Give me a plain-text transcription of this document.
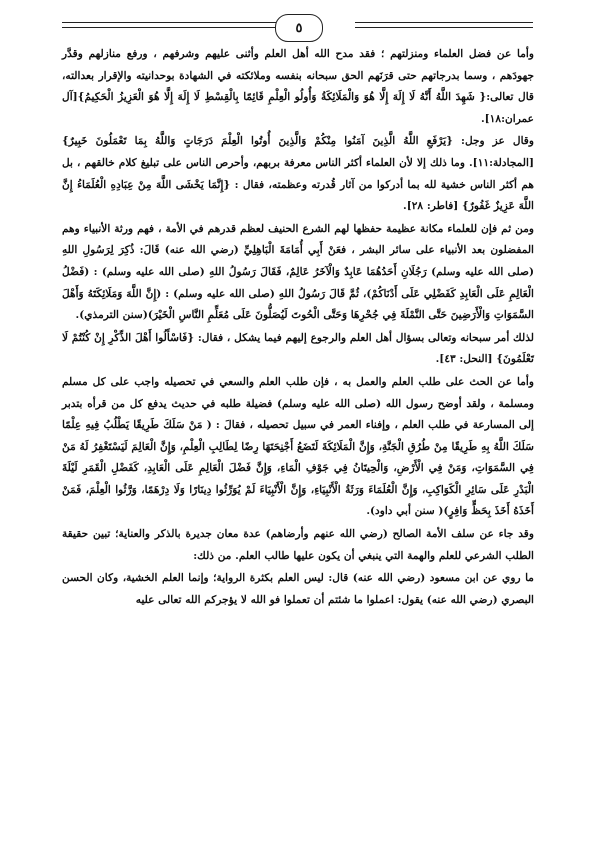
٥

وأما عن فضل العلماء ومنزلتهم ؛ فقد مدح الله أهل العلم وأثنى عليهم وشرفهم ، ورفع منازلهم وقدَّر جهودَهم ، وسما بدرجاتهم حتى قرَنَهم الحق سبحانه بنفسه وملائكته في الشهادة بوحدانيته والإقرار بعدالته، قال تعالى:{ شَهِدَ اللَّهُ أَنَّهُ لَا إِلَهَ إِلَّا هُوَ وَالْمَلَائِكَةُ وَأُولُو الْعِلْمِ قَائِمًا بِالْقِسْطِ لَا إِلَهَ إِلَّا هُوَ الْعَزِيزُ الْحَكِيمُ}[آل عمران:١٨].

وقال عز وجل: {يَرْفَعِ اللَّهُ الَّذِينَ آمَنُوا مِنْكُمْ وَالَّذِينَ أُوتُوا الْعِلْمَ دَرَجَاتٍ وَاللَّهُ بِمَا تَعْمَلُونَ خَبِيرٌ} [المجادلة:١١]. وما ذلك إلا لأن العلماء أكثر الناس معرفة بربهم، وأحرص الناس على تبليغ كلام خالقهم ، بل هم أكثر الناس خشية لله بما أدركوا من آثار قُدرته وعظمته، فقال : {إِنَّمَا يَخْشَى اللَّهَ مِنْ عِبَادِهِ الْعُلَمَاءُ إِنَّ اللَّهَ عَزِيزٌ غَفُورٌ} [فاطر: ٢٨].

ومن ثم فإن للعلماء مكانة عظيمة حفظها لهم الشرع الحنيف لعظم قدرهم في الأمة ، فهم ورثة الأنبياء وهم المفضلون بعد الأنبياء على سائر البشر ، فعَنْ أَبِي أُمَامَةَ الْبَاهِلِيِّ (رضي الله عنه) قَالَ: ذُكِرَ لِرَسُولِ اللهِ (صلى الله عليه وسلم) رَجُلَانِ أَحَدُهُمَا عَابِدٌ وَالْآخَرُ عَالِمٌ، فَقَالَ رَسُولُ اللهِ (صلى الله عليه وسلم) : (فَضْلُ الْعَالِمِ عَلَى الْعَابِدِ كَفَضْلِي عَلَى أَدْنَاكُمْ)، ثُمَّ قَالَ رَسُولُ اللهِ (صلى الله عليه وسلم) : (إِنَّ اللَّهَ وَمَلَائِكَتَهُ وَأَهْلَ السَّمَوَاتِ وَالْأَرَضِينَ حَتَّى النَّمْلَةَ فِي جُحْرِهَا وَحَتَّى الْحُوتَ لَيُصَلُّونَ عَلَى مُعَلِّمِ النَّاسِ الْخَيْرَ)(سنن الترمذي).

لذلك أمر سبحانه وتعالى بسؤال أهل العلم والرجوع إليهم فيما يشكل ، فقال: {فَاسْأَلُوا أَهْلَ الذِّكْرِ إِنْ كُنْتُمْ لَا تَعْلَمُونَ} [النحل: ٤٣].

وأما عن الحث على طلب العلم والعمل به ، فإن طلب العلم والسعي في تحصيله واجب على كل مسلم ومسلمة ، ولقد أوضح رسول الله (صلى الله عليه وسلم) فضيلة طلبه في حديث يدفع كل من قرأه بتدبر إلى المسارعة في طلب العلم ، وإفناء العمر في سبيل تحصيله ، فقالَ : ( مَنْ سَلَكَ طَرِيقًا يَطْلُبُ فِيهِ عِلْمًا سَلَكَ اللَّهُ بِهِ طَرِيقًا مِنْ طُرُقِ الْجَنَّةِ، وَإِنَّ الْمَلَائِكَةَ لَتَضَعُ أَجْنِحَتَهَا رِضًا لِطَالِبِ الْعِلْمِ، وَإِنَّ الْعَالِمَ لَيَسْتَغْفِرُ لَهُ مَنْ فِي السَّمَوَاتِ، وَمَنْ فِي الْأَرْضِ، وَالْحِيتَانُ فِي جَوْفِ الْمَاءِ، وَإِنَّ فَضْلَ الْعَالِمِ عَلَى الْعَابِدِ، كَفَضْلِ الْقَمَرِ لَيْلَةَ الْبَدْرِ عَلَى سَائِرِ الْكَوَاكِبِ، وَإِنَّ الْعُلَمَاءَ وَرَثَةُ الْأَنْبِيَاءِ، وَإِنَّ الْأَنْبِيَاءَ لَمْ يُوَرِّثُوا دِينَارًا وَلَا دِرْهَمًا، وَرَّثُوا الْعِلْمَ، فَمَنْ أَخَذَهُ أَخَذَ بِحَظٍّ وَافِرٍ)( سنن أبي داود).

وقد جاء عن سلف الأمة الصالح (رضي الله عنهم وأرضاهم) عدة معان جديرة بالذكر والعناية؛ تبين حقيقة الطلب الشرعي للعلم والهمة التي ينبغي أن يكون عليها طالب العلم. من ذلك:

ما روي عن ابن مسعود (رضي الله عنه) قال: ليس العلم بكثرة الرواية؛ وإنما العلم الخشية، وكان الحسن البصري (رضي الله عنه) يقول: اعملوا ما شئتم أن تعملوا فو الله لا يؤجركم الله تعالى عليه
